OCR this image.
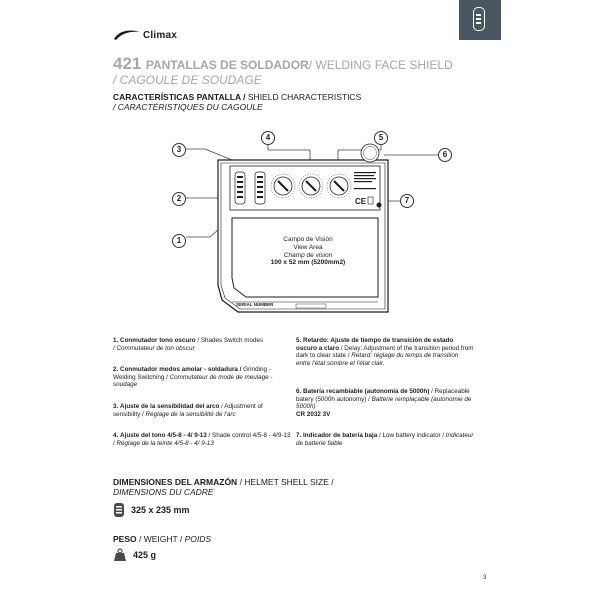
Climax
421 PANTALLAS DE SOLDADOR/ WELDING FACE SHIELD
/ CAGOULE DE SOUDAGE
CARACTERÍSTICAS PANTALLA / SHIELD CHARACTERISTICS
/ CARACTÉRISTIQUES DU CAGOULE
CE
Campo de Visión
View Area
Champ de vision
100 x 52 mm (5200mm2)
SERIAL NUMBER
1
2
3
4	5
6
7
1. Conmutador tono oscuro / Shades Switch modes
/ Commutateur de ton obscur
2. Conmutador modos amolar - soldadura / Grinding - Welding Switching / Commutateur de mode de meulage - soudage
3. Ajuste de la sensibilidad del arco / Adjustment of sensibility / Réglage de la sensibilité de l'arc
4. Ajuste del tono 4/5-8 - 4/ 9-13 / Shade control 4/5-8 - 4/9-13 / Réglage de la teinte 4/5-8 - 4/ 9-13
5. Retardo: Ajuste de tiempo de transición de estado oscuro a claro / Delay: Adjustment of the transition period from dark to clear state / Retard: réglage du temps de transition entre l'état sombre et l'état clair.
6. Batería recambiable (autonomía de 5000h) / Replaceable batery (5000h autonomy) / Batterie remplaçable (autonomie de 5000h)
CR 2032 3V
7. Indicador de batería baja / Low battery indicator / Indicateur de batterie faible
DIMENSIONES DEL ARMAZÓN / HELMET SHELL SIZE /
DIMENSIONS DU CADRE
325 x 235 mm
PESO / WEIGHT / POIDS
425 g
3
